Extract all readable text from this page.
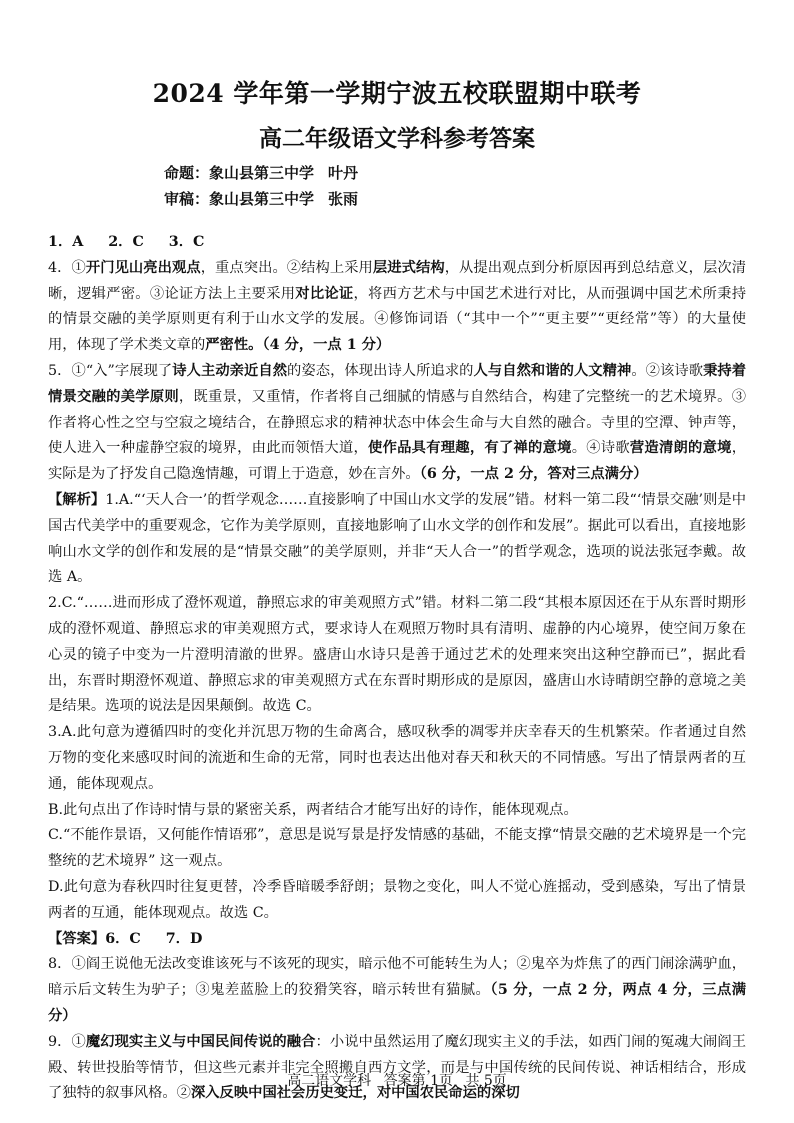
2024 学年第一学期宁波五校联盟期中联考
高二年级语文学科参考答案
命题：象山县第三中学 叶丹
审稿：象山县第三中学 张雨

1．A 2．C 3．C

4．①开门见山亮出观点，重点突出。②结构上采用层进式结构，从提出观点到分析原因再到总结意义，层次清晰，逻辑严密。③论证方法上主要采用对比论证，将西方艺术与中国艺术进行对比，从而强调中国艺术所秉持的情景交融的美学原则更有利于山水文学的发展。④修饰词语（“其中一个”“更主要”“更经常”等）的大量使用，体现了学术类文章的严密性。（4 分，一点 1 分）

5．①“入”字展现了诗人主动亲近自然的姿态，体现出诗人所追求的人与自然和谐的人文精神。②该诗歌秉持着情景交融的美学原则，既重景，又重情，作者将自己细腻的情感与自然结合，构建了完整统一的艺术境界。③作者将心性之空与空寂之境结合，在静照忘求的精神状态中体会生命与大自然的融合。寺里的空潭、钟声等，使人进入一种虚静空寂的境界，由此而领悟大道，使作品具有理趣，有了禅的意境。④诗歌营造清朗的意境，实际是为了抒发自己隐逸情趣，可谓上于造意，妙在言外。（6 分，一点 2 分，答对三点满分）

【解析】1.A.“‘天人合一’的哲学观念……直接影响了中国山水文学的发展”错。材料一第二段“‘情景交融’则是中国古代美学中的重要观念，它作为美学原则，直接地影响了山水文学的创作和发展”。据此可以看出，直接地影响山水文学的创作和发展的是“情景交融”的美学原则，并非“天人合一”的哲学观念，选项的说法张冠李戴。故选 A。

2.C.“……进而形成了澄怀观道，静照忘求的审美观照方式”错。材料二第二段“其根本原因还在于从东晋时期形成的澄怀观道、静照忘求的审美观照方式，要求诗人在观照万物时具有清明、虚静的内心境界，使空间万象在心灵的镜子中变为一片澄明清澈的世界。盛唐山水诗只是善于通过艺术的处理来突出这种空静而已”，据此看出，东晋时期澄怀观道、静照忘求的审美观照方式在东晋时期形成的是原因，盛唐山水诗晴朗空静的意境之美是结果。选项的说法是因果颠倒。故选 C。

3.A.此句意为遵循四时的变化并沉思万物的生命离合，感叹秋季的凋零并庆幸春天的生机繁荣。作者通过自然万物的变化来感叹时间的流逝和生命的无常，同时也表达出他对春天和秋天的不同情感。写出了情景两者的互通，能体现观点。

B.此句点出了作诗时情与景的紧密关系，两者结合才能写出好的诗作，能体现观点。

C.“不能作景语，又何能作情语邪”，意思是说写景是抒发情感的基础，不能支撑“情景交融的艺术境界是一个完整统的艺术境界” 这一观点。

D.此句意为春秋四时往复更替，冷季昏暗暖季舒朗；景物之变化，叫人不觉心旌摇动，受到感染，写出了情景两者的互通，能体现观点。故选 C。

【答案】6．C 7．D

8．①阎王说他无法改变谁该死与不该死的现实，暗示他不可能转生为人；②鬼卒为炸焦了的西门闹涂满驴血，暗示后文转生为驴子；③鬼差蓝脸上的狡猾笑容，暗示转世有猫腻。（5 分，一点 2 分，两点 4 分，三点满分）

9．①魔幻现实主义与中国民间传说的融合：小说中虽然运用了魔幻现实主义的手法，如西门闹的冤魂大闹阎王殿、转世投胎等情节，但这些元素并非完全照搬自西方文学，而是与中国传统的民间传说、神话相结合，形成了独特的叙事风格。②深入反映中国社会历史变迁，对中国农民命运的深切

高二语文学科 答案第 1页 共 5页
